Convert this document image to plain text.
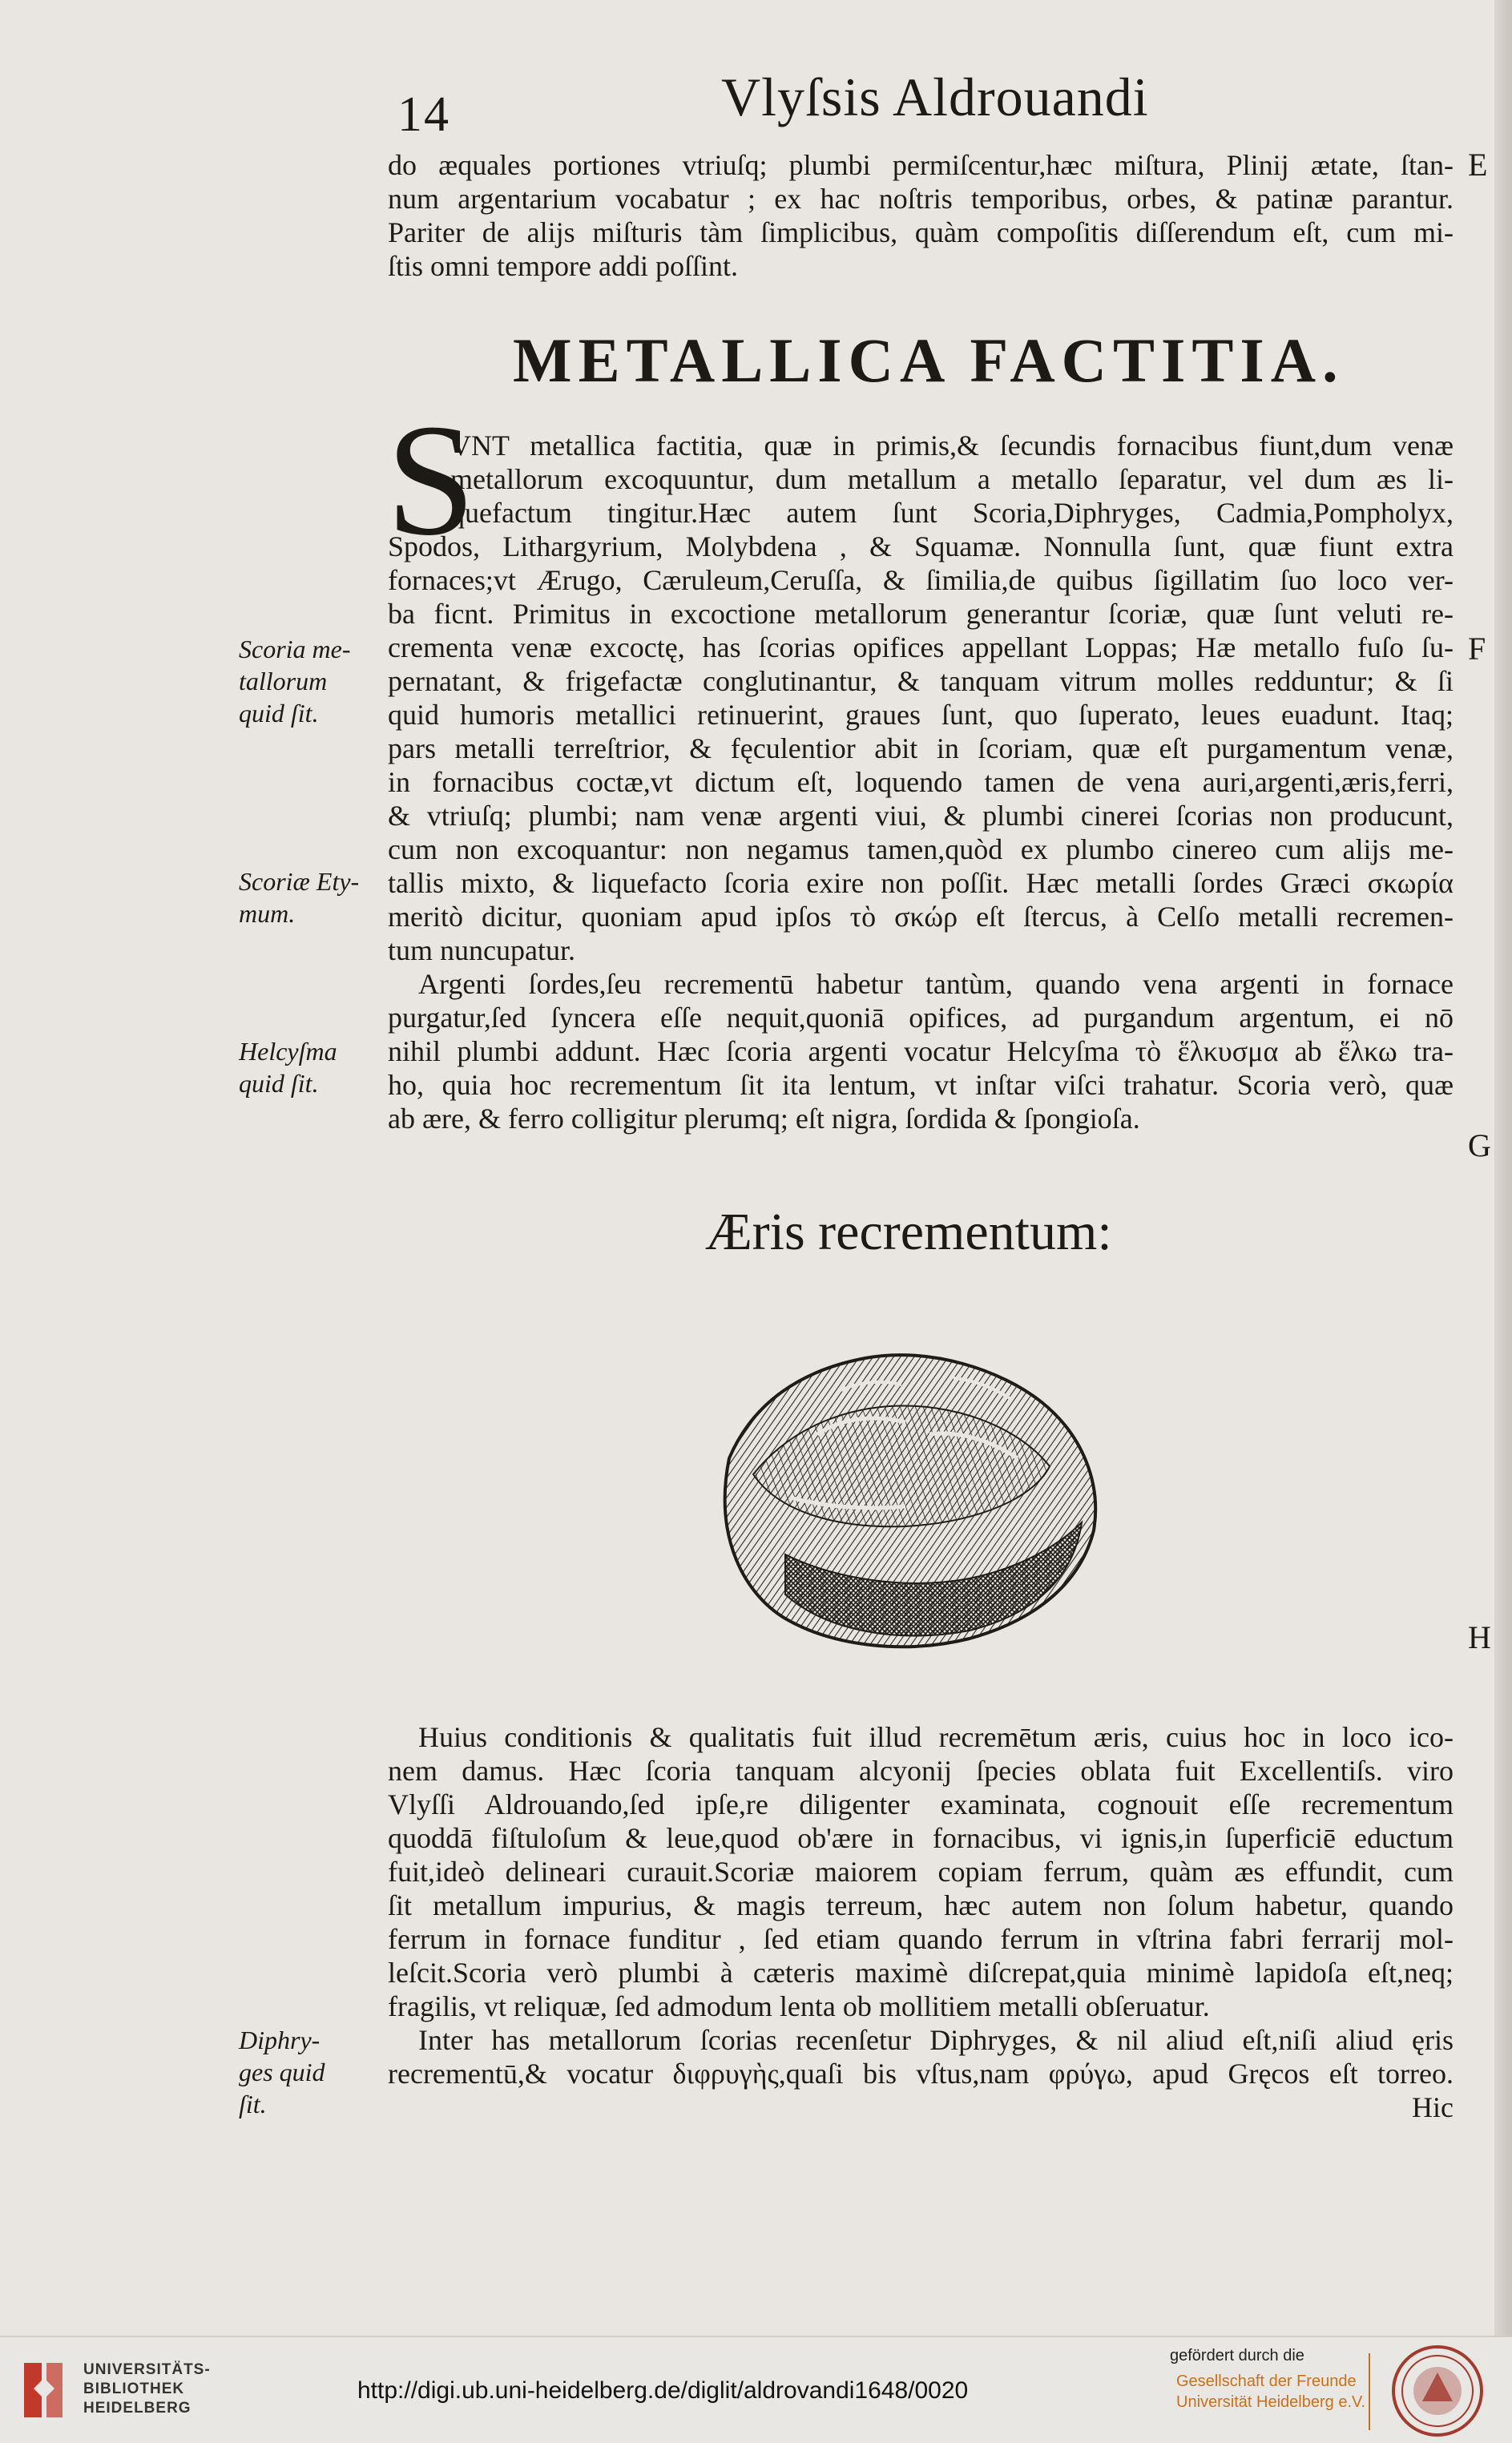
14	Vlyſsis Aldrouandi
do æquales portiones vtriuſq; plumbi permiſcentur,hæc miſtura, Plinij ætate, ſtan-
num argentarium vocabatur ; ex hac noſtris temporibus, orbes, & patinæ parantur.
Pariter de alijs miſturis tàm ſimplicibus, quàm compoſitis diſſerendum eſt, cum mi-
ſtis omni tempore addi poſſint.
METALLICA FACTITIA.
S
VNT metallica factitia, quæ in primis,& ſecundis fornacibus fiunt,dum venæ
metallorum excoquuntur, dum metallum a metallo ſeparatur, vel dum æs li-
quefactum tingitur.Hæc autem ſunt Scoria,Diphryges, Cadmia,Pompholyx,
Spodos, Lithargyrium, Molybdena , & Squamæ. Nonnulla ſunt, quæ fiunt extra
fornaces;vt Ærugo, Cæruleum,Ceruſſa, & ſimilia,de quibus ſigillatim ſuo loco ver-
ba ficnt. Primitus in excoctione metallorum generantur ſcoriæ, quæ ſunt veluti re-
crementa venæ excoctę, has ſcorias opifices appellant Loppas; Hæ metallo fuſo ſu-
pernatant, & frigefactæ conglutinantur, & tanquam vitrum molles redduntur; & ſi
quid humoris metallici retinuerint, graues ſunt, quo ſuperato, leues euadunt. Itaq;
pars metalli terreſtrior, & fęculentior abit in ſcoriam, quæ eſt purgamentum venæ,
in fornacibus coctæ,vt dictum eſt, loquendo tamen de vena auri,argenti,æris,ferri,
& vtriuſq; plumbi; nam venæ argenti viui, & plumbi cinerei ſcorias non producunt,
cum non excoquantur: non negamus tamen,quòd ex plumbo cinereo cum alijs me-
tallis mixto, & liquefacto ſcoria exire non poſſit. Hæc metalli ſordes Græci σκωρία
meritò dicitur, quoniam apud ipſos τὸ σκώρ eſt ſtercus, à Celſo metalli recremen-
tum nuncupatur.
Argenti ſordes,ſeu recrementū habetur tantùm, quando vena argenti in fornace
purgatur,ſed ſyncera eſſe nequit,quoniā opifices, ad purgandum argentum, ei nō
nihil plumbi addunt. Hæc ſcoria argenti vocatur Helcyſma τὸ ἕλκυσμα ab ἕλκω tra-
ho, quia hoc recrementum ſit ita lentum, vt inſtar viſci trahatur. Scoria verò, quæ
ab ære, & ferro colligitur plerumq; eſt nigra, ſordida & ſpongioſa.
Æris recrementum:
Huius conditionis & qualitatis fuit illud recremētum æris, cuius hoc in loco ico-
nem damus. Hæc ſcoria tanquam alcyonij ſpecies oblata fuit Excellentiſs. viro
Vlyſſi Aldrouando,ſed ipſe,re diligenter examinata, cognouit eſſe recrementum
quoddā fiſtuloſum & leue,quod ob'ære in fornacibus, vi ignis,in ſuperficiē eductum
fuit,ideò delineari curauit.Scoriæ maiorem copiam ferrum, quàm æs effundit, cum
ſit metallum impurius, & magis terreum, hæc autem non ſolum habetur, quando
ferrum in fornace funditur , ſed etiam quando ferrum in vſtrina fabri ferrarij mol-
leſcit.Scoria verò plumbi à cæteris maximè diſcrepat,quia minimè lapidoſa eſt,neq;
fragilis, vt reliquæ, ſed admodum lenta ob mollitiem metalli obſeruatur.
Inter has metallorum ſcorias recenſetur Diphryges, & nil aliud eſt,niſi aliud ęris
recrementū,& vocatur διφρυγὴς,quaſi bis vſtus,nam φρύγω, apud Gręcos eſt torreo.
Hic
Scoria me-
tallorum
quid ſit.
Scoriæ Ety-
mum.
Helcyſma
quid ſit.
Diphry-
ges quid
ſit.
E
F
G
H
UNIVERSITÄTS-
BIBLIOTHEK
HEIDELBERG
http://digi.ub.uni-heidelberg.de/diglit/aldrovandi1648/0020
gefördert durch die
Gesellschaft der Freunde
Universität Heidelberg e.V.
